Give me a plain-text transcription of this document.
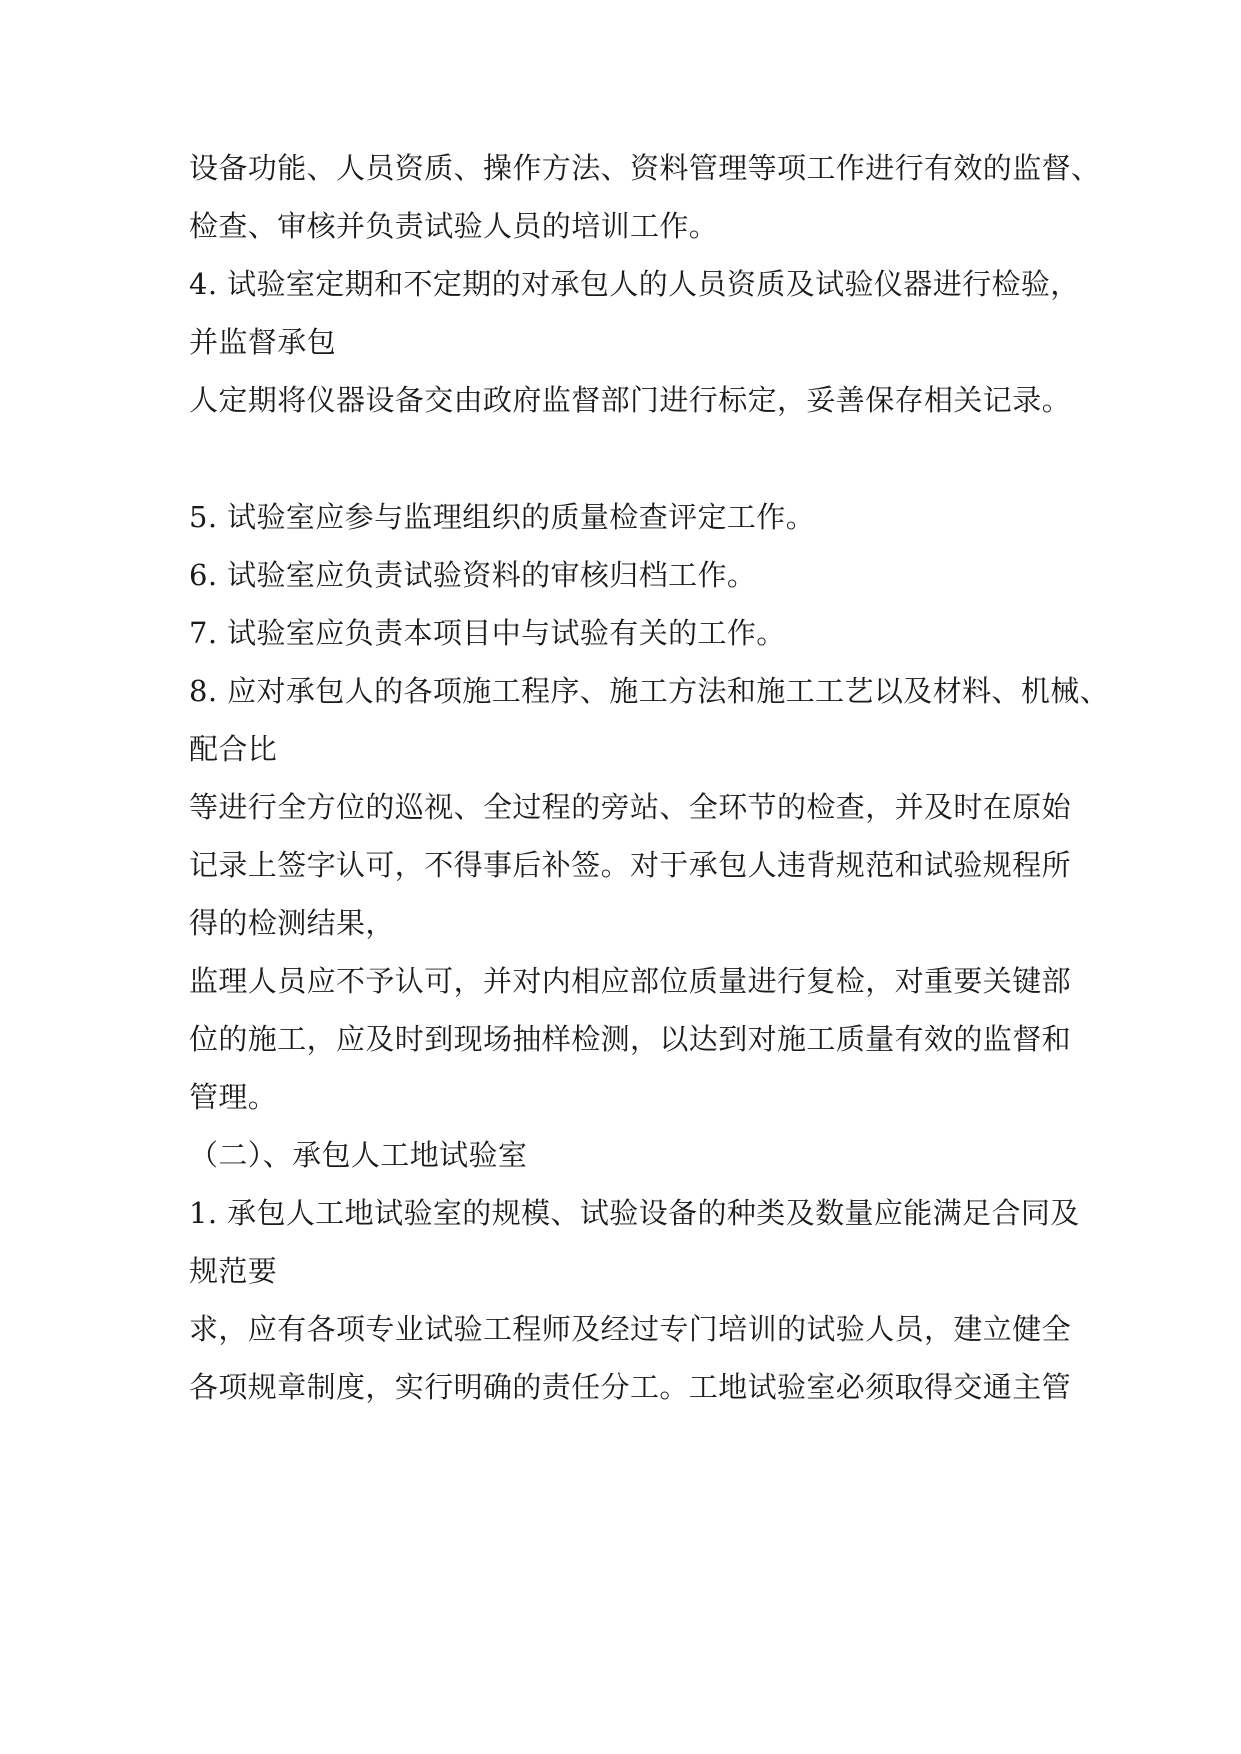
设备功能、人员资质、操作方法、资料管理等项工作进行有效的监督、
检查、审核并负责试验人员的培训工作。
4. 试验室定期和不定期的对承包人的人员资质及试验仪器进行检验，
并监督承包
人定期将仪器设备交由政府监督部门进行标定，妥善保存相关记录。
5. 试验室应参与监理组织的质量检查评定工作。
6. 试验室应负责试验资料的审核归档工作。
7. 试验室应负责本项目中与试验有关的工作。
8. 应对承包人的各项施工程序、施工方法和施工工艺以及材料、机械、
配合比
等进行全方位的巡视、全过程的旁站、全环节的检查，并及时在原始
记录上签字认可，不得事后补签。对于承包人违背规范和试验规程所
得的检测结果，
监理人员应不予认可，并对内相应部位质量进行复检，对重要关键部
位的施工，应及时到现场抽样检测，以达到对施工质量有效的监督和
管理。
（二）、承包人工地试验室
1. 承包人工地试验室的规模、试验设备的种类及数量应能满足合同及
规范要
求，应有各项专业试验工程师及经过专门培训的试验人员，建立健全
各项规章制度，实行明确的责任分工。工地试验室必须取得交通主管
